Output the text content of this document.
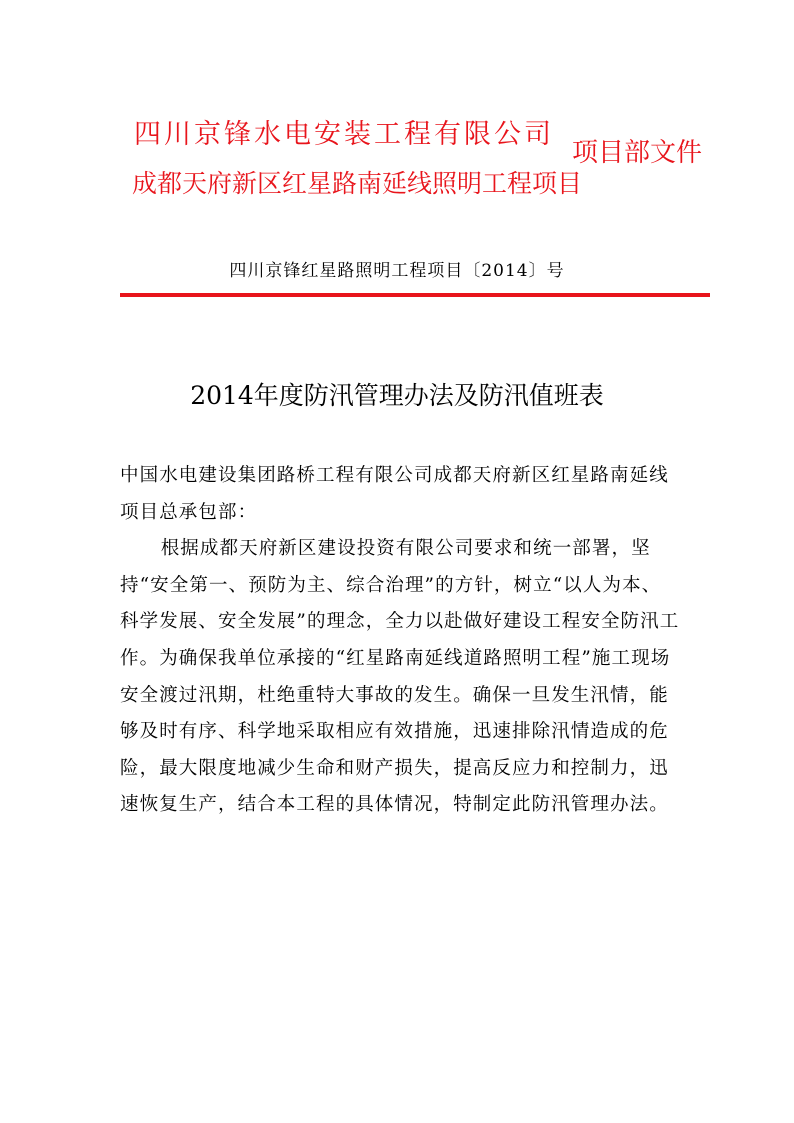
四川京锋水电安装工程有限公司
成都天府新区红星路南延线照明工程项目
项目部文件
四川京锋红星路照明工程项目〔2014〕号
2014年度防汛管理办法及防汛值班表

中国水电建设集团路桥工程有限公司成都天府新区红星路南延线项目总承包部：

根据成都天府新区建设投资有限公司要求和统一部署，坚持“安全第一、预防为主、综合治理”的方针，树立“以人为本、科学发展、安全发展”的理念，全力以赴做好建设工程安全防汛工作。为确保我单位承接的“红星路南延线道路照明工程”施工现场安全渡过汛期，杜绝重特大事故的发生。确保一旦发生汛情，能够及时有序、科学地采取相应有效措施，迅速排除汛情造成的危险，最大限度地减少生命和财产损失，提高反应力和控制力，迅速恢复生产，结合本工程的具体情况，特制定此防汛管理办法。
